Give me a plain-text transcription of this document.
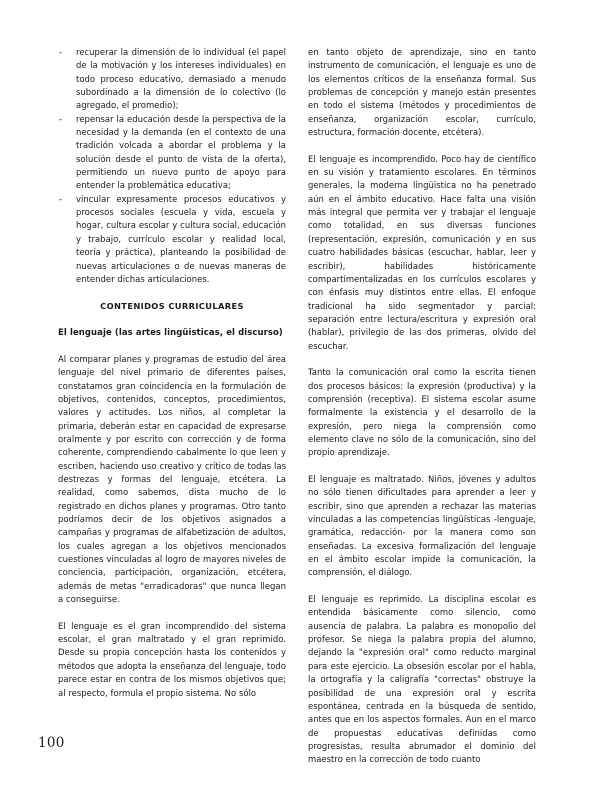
- recuperar la dimensión de lo individual (el papel de la motivación y los intereses individuales) en todo proceso educativo, demasiado a menudo subordinado a la dimensión de lo colectivo (lo agregado, el promedio);
- repensar la educación desde la perspectiva de la necesidad y la demanda (en el contexto de una tradición volcada a abordar el problema y la solución desde el punto de vista de la oferta), permitiendo un nuevo punto de apoyo para entender la problemática educativa;
- vincular expresamente procesos educativos y procesos sociales (escuela y vida, escuela y hogar, cultura escolar y cultura social, educación y trabajo, currículo escolar y realidad local, teoría y práctica), planteando la posibilidad de nuevas articulaciones o de nuevas maneras de entender dichas articulaciones.
CONTENIDOS CURRICULARES
El lenguaje (las artes lingüisticas, el discurso)

Al comparar planes y programas de estudio del área lenguaje del nivel primario de diferentes países, constatamos gran coincidencia en la formulación de objetivos, contenidos, conceptos, procedimientos, valores y actitudes. Los niños, al completar la primaria, deberán estar en capacidad de expresarse oralmente y por escrito con corrección y de forma coherente, comprendiendo cabalmente lo que leen y escriben, haciendo uso creativo y crítico de todas las destrezas y formas del lenguaje, etcétera. La realidad, como sabemos, dista mucho de lo registrado en dichos planes y programas. Otro tanto podríamos decir de los objetivos asignados a campañas y programas de alfabetización de adultos, los cuales agregan a los objetivos mencionados cuestiones vinculadas al logro de mayores niveles de conciencia, participación, organización, etcétera, además de metas "erradicadoras" que nunca llegan a conseguirse.

El lenguaje es el gran incomprendido del sistema escolar, el gran maltratado y el gran reprimido. Desde su propia concepción hasta los contenidos y métodos que adopta la enseñanza del lenguaje, todo parece estar en contra de los mismos objetivos que; al respecto, formula el propio sistema. No sólo

en tanto objeto de aprendizaje, sino en tanto instrumento de comunicación, el lenguaje es uno de los elementos críticos de la enseñanza formal. Sus problemas de concepción y manejo están presentes en todo el sistema (métodos y procedimientos de enseñanza, organización escolar, currículo, estructura, formación docente, etcétera).

El lenguaje es incomprendido. Poco hay de científico en su visión y tratamiento escolares. En términos generales, la moderna lingüistica no ha penetrado aún en el ámbito educativo. Hace falta una visión más integral que permita ver y trabajar el lenguaje como totalidad, en sus diversas funciones (representación, expresión, comunicación y en sus cuatro habilidades básicas (escuchar, hablar, leer y escribir), habilidades históricamente compartimentalizadas en los currículos escolares y con énfasis muy distintos entre ellas. El enfoque tradicional ha sido segmentador y parcial: separación entre lectura/escritura y expresión oral (hablar), privilegio de las dos primeras, olvido del escuchar.

Tanto la comunicación oral como la escrita tienen dos procesos básicos: la expresión (productiva) y la comprensión (receptiva). El sistema escolar asume formalmente la existencia y el desarrollo de la expresión, pero niega la comprensión como elemento clave no sólo de la comunicación, sino del propio aprendizaje.

El lenguaje es maltratado. Niños, jóvenes y adultos no sólo tienen dificultades para aprender a leer y escribir, sino que aprenden a rechazar las materias vinculadas a las competencias lingüísticas -lenguaje, gramática, redacción- por la manera como son enseñadas. La excesiva formalización del lenguaje en el ámbito escolar impide la comunicación, la comprensión, el diálogo.

El lenguaje es reprimido. La disciplina escolar es entendida básicamente como silencio, como ausencia de palabra. La palabra es monopolio del profesor. Se niega la palabra propia del alumno, dejando la "expresión oral" como reducto marginal para este ejercicio. La obsesión escolar por el habla, la ortografía y la caligrafía "correctas" obstruye la posibilidad de una expresión oral y escrita espontánea, centrada en la búsqueda de sentido, antes que en los aspectos formales. Aun en el marco de propuestas educativas definidas como progresistas, resulta abrumador el dominio del maestro en la corrección de todo cuanto

100
